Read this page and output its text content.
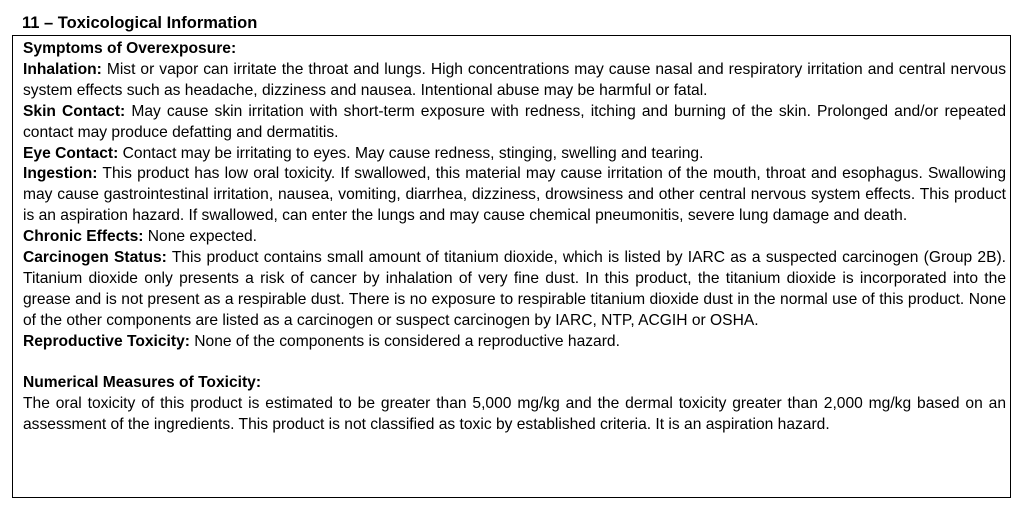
11 – Toxicological Information

Symptoms of Overexposure:

Inhalation: Mist or vapor can irritate the throat and lungs. High concentrations may cause nasal and respiratory irritation and central nervous system effects such as headache, dizziness and nausea. Intentional abuse may be harmful or fatal.

Skin Contact: May cause skin irritation with short-term exposure with redness, itching and burning of the skin. Prolonged and/or repeated contact may produce defatting and dermatitis.

Eye Contact: Contact may be irritating to eyes. May cause redness, stinging, swelling and tearing.

Ingestion: This product has low oral toxicity. If swallowed, this material may cause irritation of the mouth, throat and esophagus. Swallowing may cause gastrointestinal irritation, nausea, vomiting, diarrhea, dizziness, drowsiness and other central nervous system effects. This product is an aspiration hazard. If swallowed, can enter the lungs and may cause chemical pneumonitis, severe lung damage and death.

Chronic Effects: None expected.

Carcinogen Status: This product contains small amount of titanium dioxide, which is listed by IARC as a suspected carcinogen (Group 2B). Titanium dioxide only presents a risk of cancer by inhalation of very fine dust. In this product, the titanium dioxide is incorporated into the grease and is not present as a respirable dust. There is no exposure to respirable titanium dioxide dust in the normal use of this product. None of the other components are listed as a carcinogen or suspect carcinogen by IARC, NTP, ACGIH or OSHA.

Reproductive Toxicity: None of the components is considered a reproductive hazard.

Numerical Measures of Toxicity:

The oral toxicity of this product is estimated to be greater than 5,000 mg/kg and the dermal toxicity greater than 2,000 mg/kg based on an assessment of the ingredients. This product is not classified as toxic by established criteria. It is an aspiration hazard.
